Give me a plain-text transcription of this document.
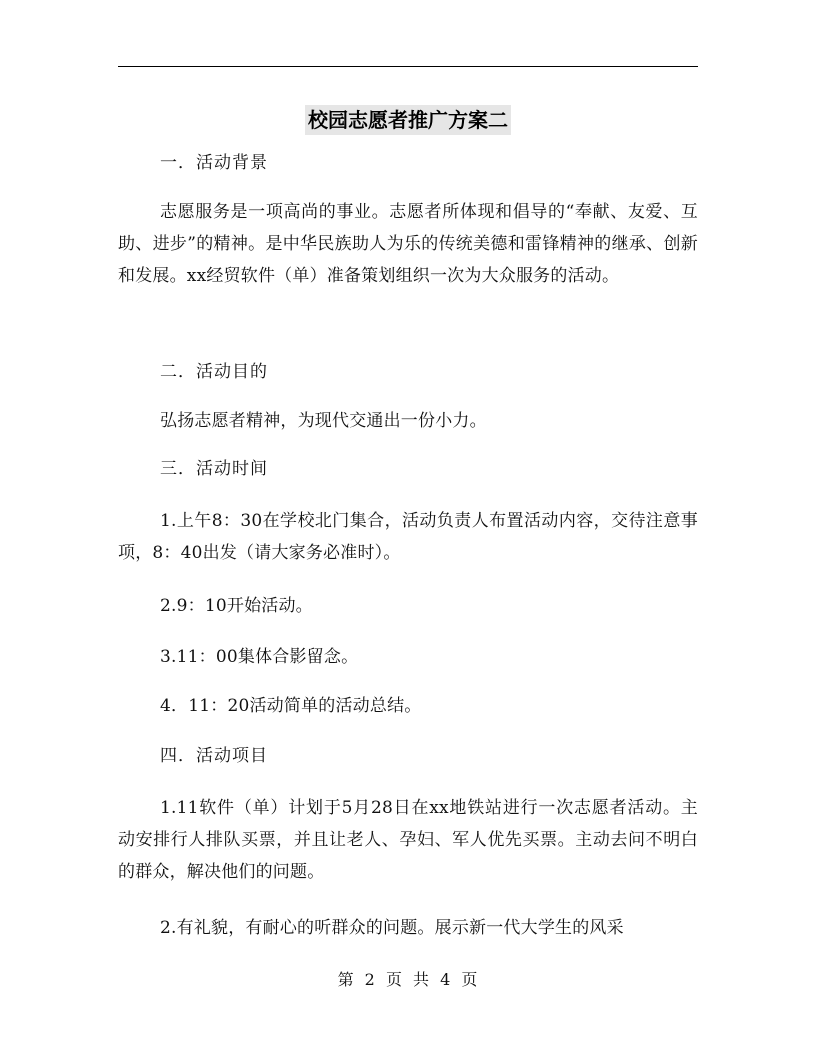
校园志愿者推广方案二

一．活动背景

志愿服务是一项高尚的事业。志愿者所体现和倡导的“奉献、友爱、互助、进步”的精神。是中华民族助人为乐的传统美德和雷锋精神的继承、创新和发展。xx经贸软件（单）准备策划组织一次为大众服务的活动。

二．活动目的

弘扬志愿者精神，为现代交通出一份小力。

三．活动时间

1.上午8：30在学校北门集合，活动负责人布置活动内容，交待注意事项，8：40出发（请大家务必准时）。

2.9：10开始活动。

3.11：00集体合影留念。

4．11：20活动简单的活动总结。

四．活动项目

1.11软件（单）计划于5月28日在xx地铁站进行一次志愿者活动。主动安排行人排队买票，并且让老人、孕妇、军人优先买票。主动去问不明白的群众，解决他们的问题。

2.有礼貌，有耐心的听群众的问题。展示新一代大学生的风采

第 2 页 共 4 页
